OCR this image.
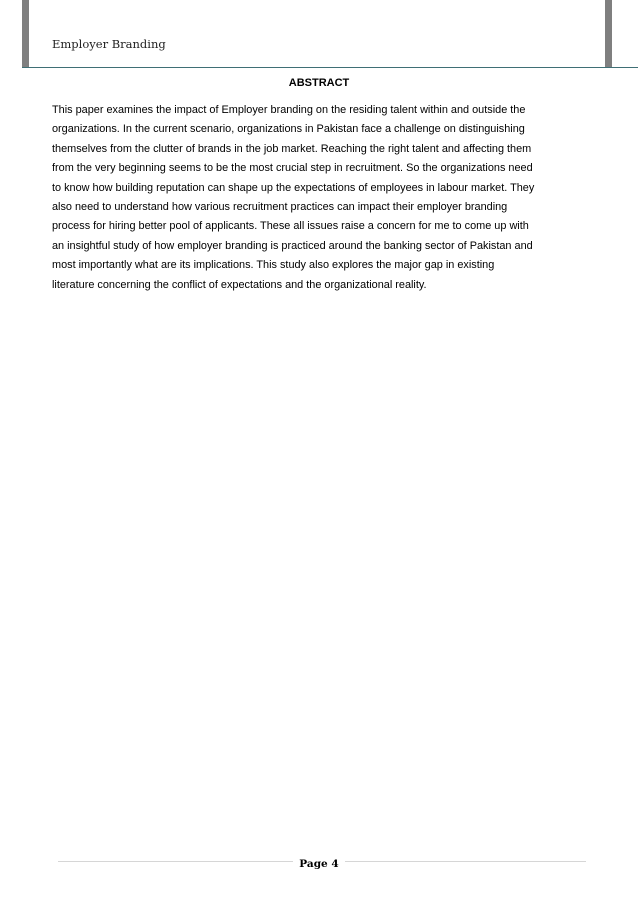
Employer Branding
ABSTRACT
This paper examines the impact of Employer branding on the residing talent within and outside the
organizations. In the current scenario, organizations in Pakistan face a challenge on distinguishing
themselves from the clutter of brands in the job market. Reaching the right talent and affecting them
from the very beginning seems to be the most crucial step in recruitment. So the organizations need
to know how building reputation can shape up the expectations of employees in labour market. They
also need to understand how various recruitment practices can impact their employer branding
process for hiring better pool of applicants. These all issues raise a concern for me to come up with
an insightful study of how employer branding is practiced around the banking sector of Pakistan and
most importantly what are its implications. This study also explores the major gap in existing
literature concerning the conflict of expectations and the organizational reality.
Page 4
